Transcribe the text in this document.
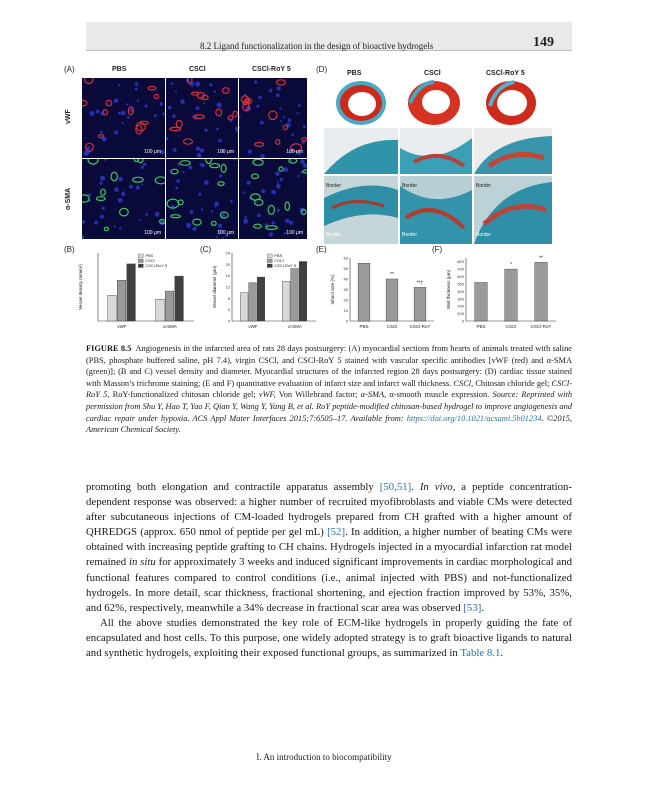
8.2 Ligand functionalization in the design of bioactive hydrogels	149
(A)	PBS	CSCl	CSCl-RoY 5
vWF
α-SMA
100 μm	100 μm	100 μm
100 μm	100 μm	100 μm
(D)	PBS	CSCl	CSCl-RoY 5
Border	Border	Border
Border	Border	Border
(B)	(C)	(E)	(F)
Vessel density (n/mm²)
vWF	α-SMA
PBS
CSCl
CSCl-RoY 5
Vessel diameter (μm)
0
4
8
12
16
20
24
vWF	α-SMA
PBS
CSCl
CSCl-RoY 5
Infarct size (%)
0
10
20
30
40
50
60
PBS	CSCl
**
CSCl-RoY
**†	Wall thickness (μm)
0
100
200
300
400
500
600
700
800
PBS	CSCl
*
CSCl-RoY
**
FIGURE 8.5 Angiogenesis in the infarcted area of rats 28 days postsurgery: (A) myocardial sections from hearts of animals treated with saline (PBS, phosphate buffered saline, pH 7.4), virgin CSCl, and CSCl-RoY 5 stained with vascular specific antibodies [vWF (red) and α-SMA (green)]; (B and C) vessel density and diameter. Myocardial structures of the infarcted region 28 days postsurgery: (D) cardiac tissue stained with Masson’s trichrome staining; (E and F) quantitative evaluation of infarct size and infarct wall thickness. CSCl, Chitosan chloride gel; CSCl-RoY 5, RoY-functionalized chitosan chloride gel; vWF, Von Willebrand factor; α-SMA, α-smooth muscle expression. Source: Reprinted with permission from Shu Y, Hao T, Yao F, Qian Y, Wang Y, Yang B, et al. RoY peptide-modified chitosan-based hydrogel to improve angiogenesis and cardiac repair under hypoxia. ACS Appl Mater Interfaces 2015;7:6505–17. Available from: https://doi.org/10.1021/acsami.5b01234. ©2015, American Chemical Society.

promoting both elongation and contractile apparatus assembly [50,51]. In vivo, a peptide concentration-dependent response was observed: a higher number of recruited myofibroblasts and viable CMs were detected after subcutaneous injections of CM-loaded hydrogels prepared from CH grafted with a higher amount of QHREDGS (approx. 650 nmol of peptide per gel mL) [52]. In addition, a higher number of beating CMs were obtained with increasing peptide grafting to CH chains. Hydrogels injected in a myocardial infarction rat model remained in situ for approximately 3 weeks and induced significant improvements in cardiac morphological and functional features compared to control conditions (i.e., animal injected with PBS) and not-functionalized hydrogels. In more detail, scar thickness, fractional shortening, and ejection fraction improved by 53%, 35%, and 62%, respectively, meanwhile a 34% decrease in fractional scar area was observed [53].

All the above studies demonstrated the key role of ECM-like hydrogels in properly guiding the fate of encapsulated and host cells. To this purpose, one widely adopted strategy is to graft bioactive ligands to natural and synthetic hydrogels, exploiting their exposed functional groups, as summarized in Table 8.1.

I. An introduction to biocompatibility
